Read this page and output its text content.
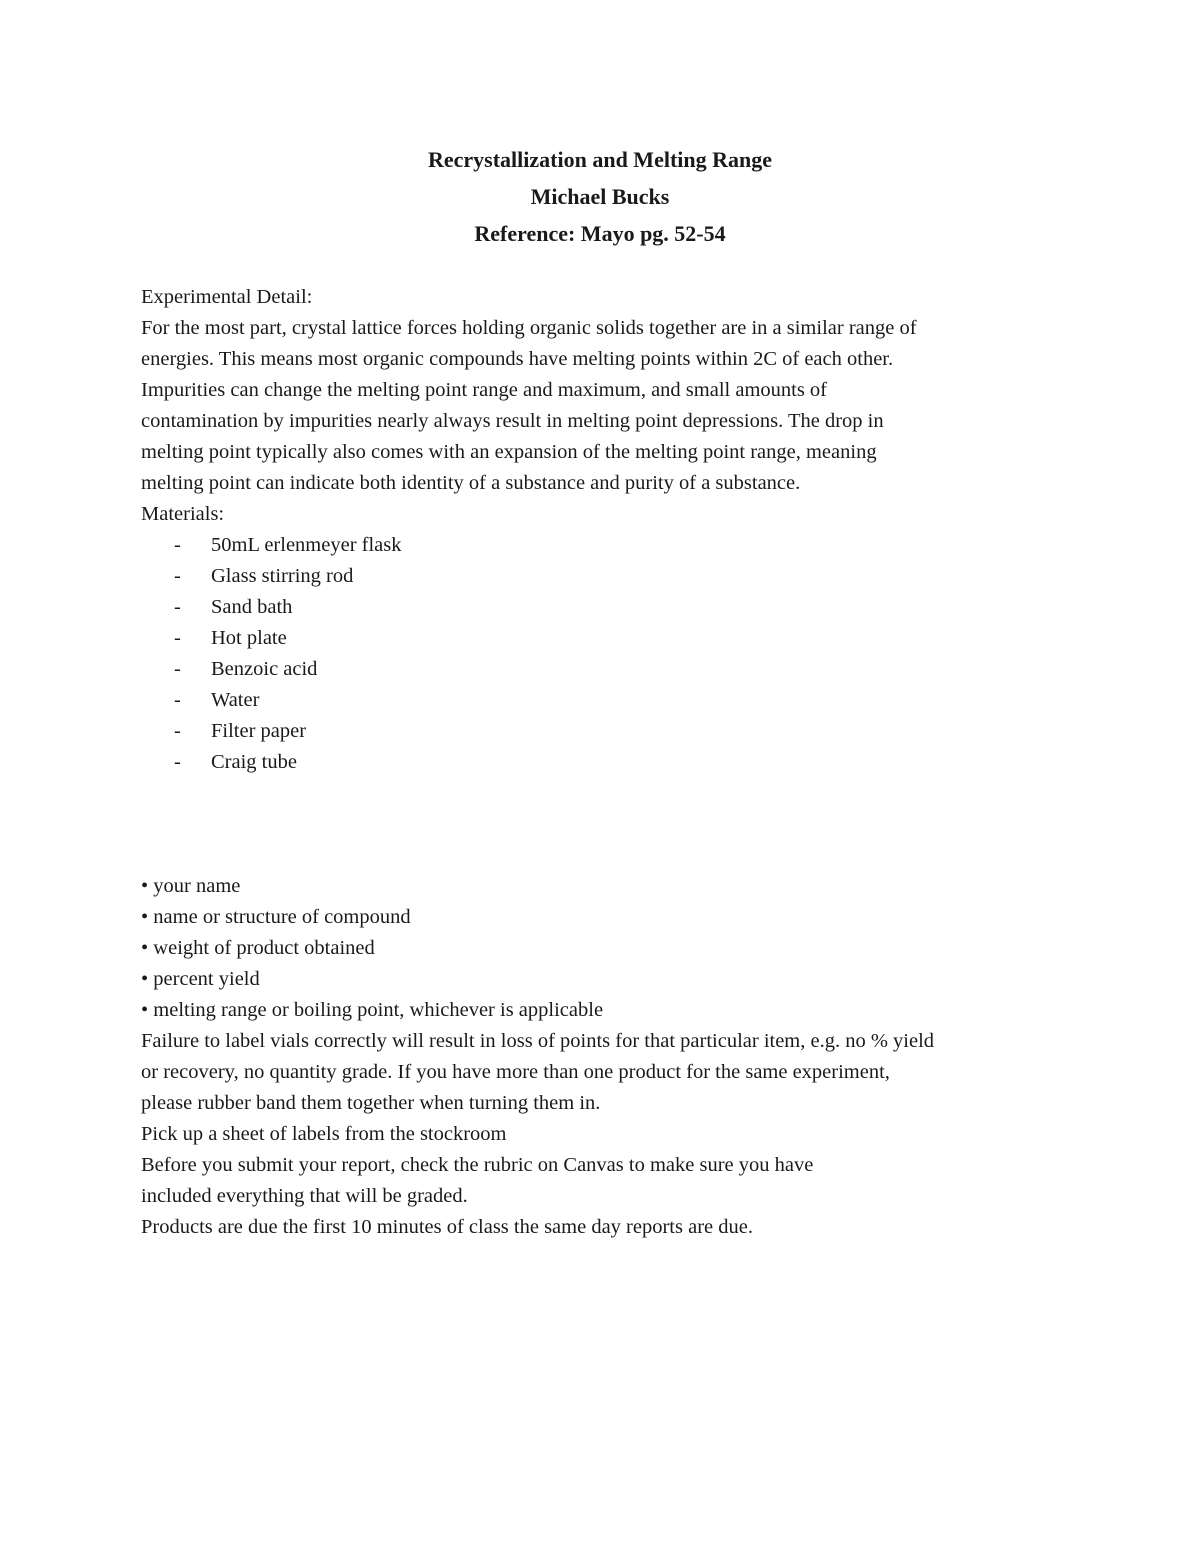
Recrystallization and Melting Range
Michael Bucks
Reference: Mayo pg. 52-54
Experimental Detail:
For the most part, crystal lattice forces holding organic solids together are in a similar range of
energies. This means most organic compounds have melting points within 2C of each other.
Impurities can change the melting point range and maximum, and small amounts of
contamination by impurities nearly always result in melting point depressions. The drop in
melting point typically also comes with an expansion of the melting point range, meaning
melting point can indicate both identity of a substance and purity of a substance.
Materials:
- 50mL erlenmeyer flask
- Glass stirring rod
- Sand bath
- Hot plate
- Benzoic acid
- Water
- Filter paper
- Craig tube
• your name
• name or structure of compound
• weight of product obtained
• percent yield
• melting range or boiling point, whichever is applicable
Failure to label vials correctly will result in loss of points for that particular item, e.g. no % yield
or recovery, no quantity grade. If you have more than one product for the same experiment,
please rubber band them together when turning them in.
Pick up a sheet of labels from the stockroom
Before you submit your report, check the rubric on Canvas to make sure you have
included everything that will be graded.
Products are due the first 10 minutes of class the same day reports are due.
